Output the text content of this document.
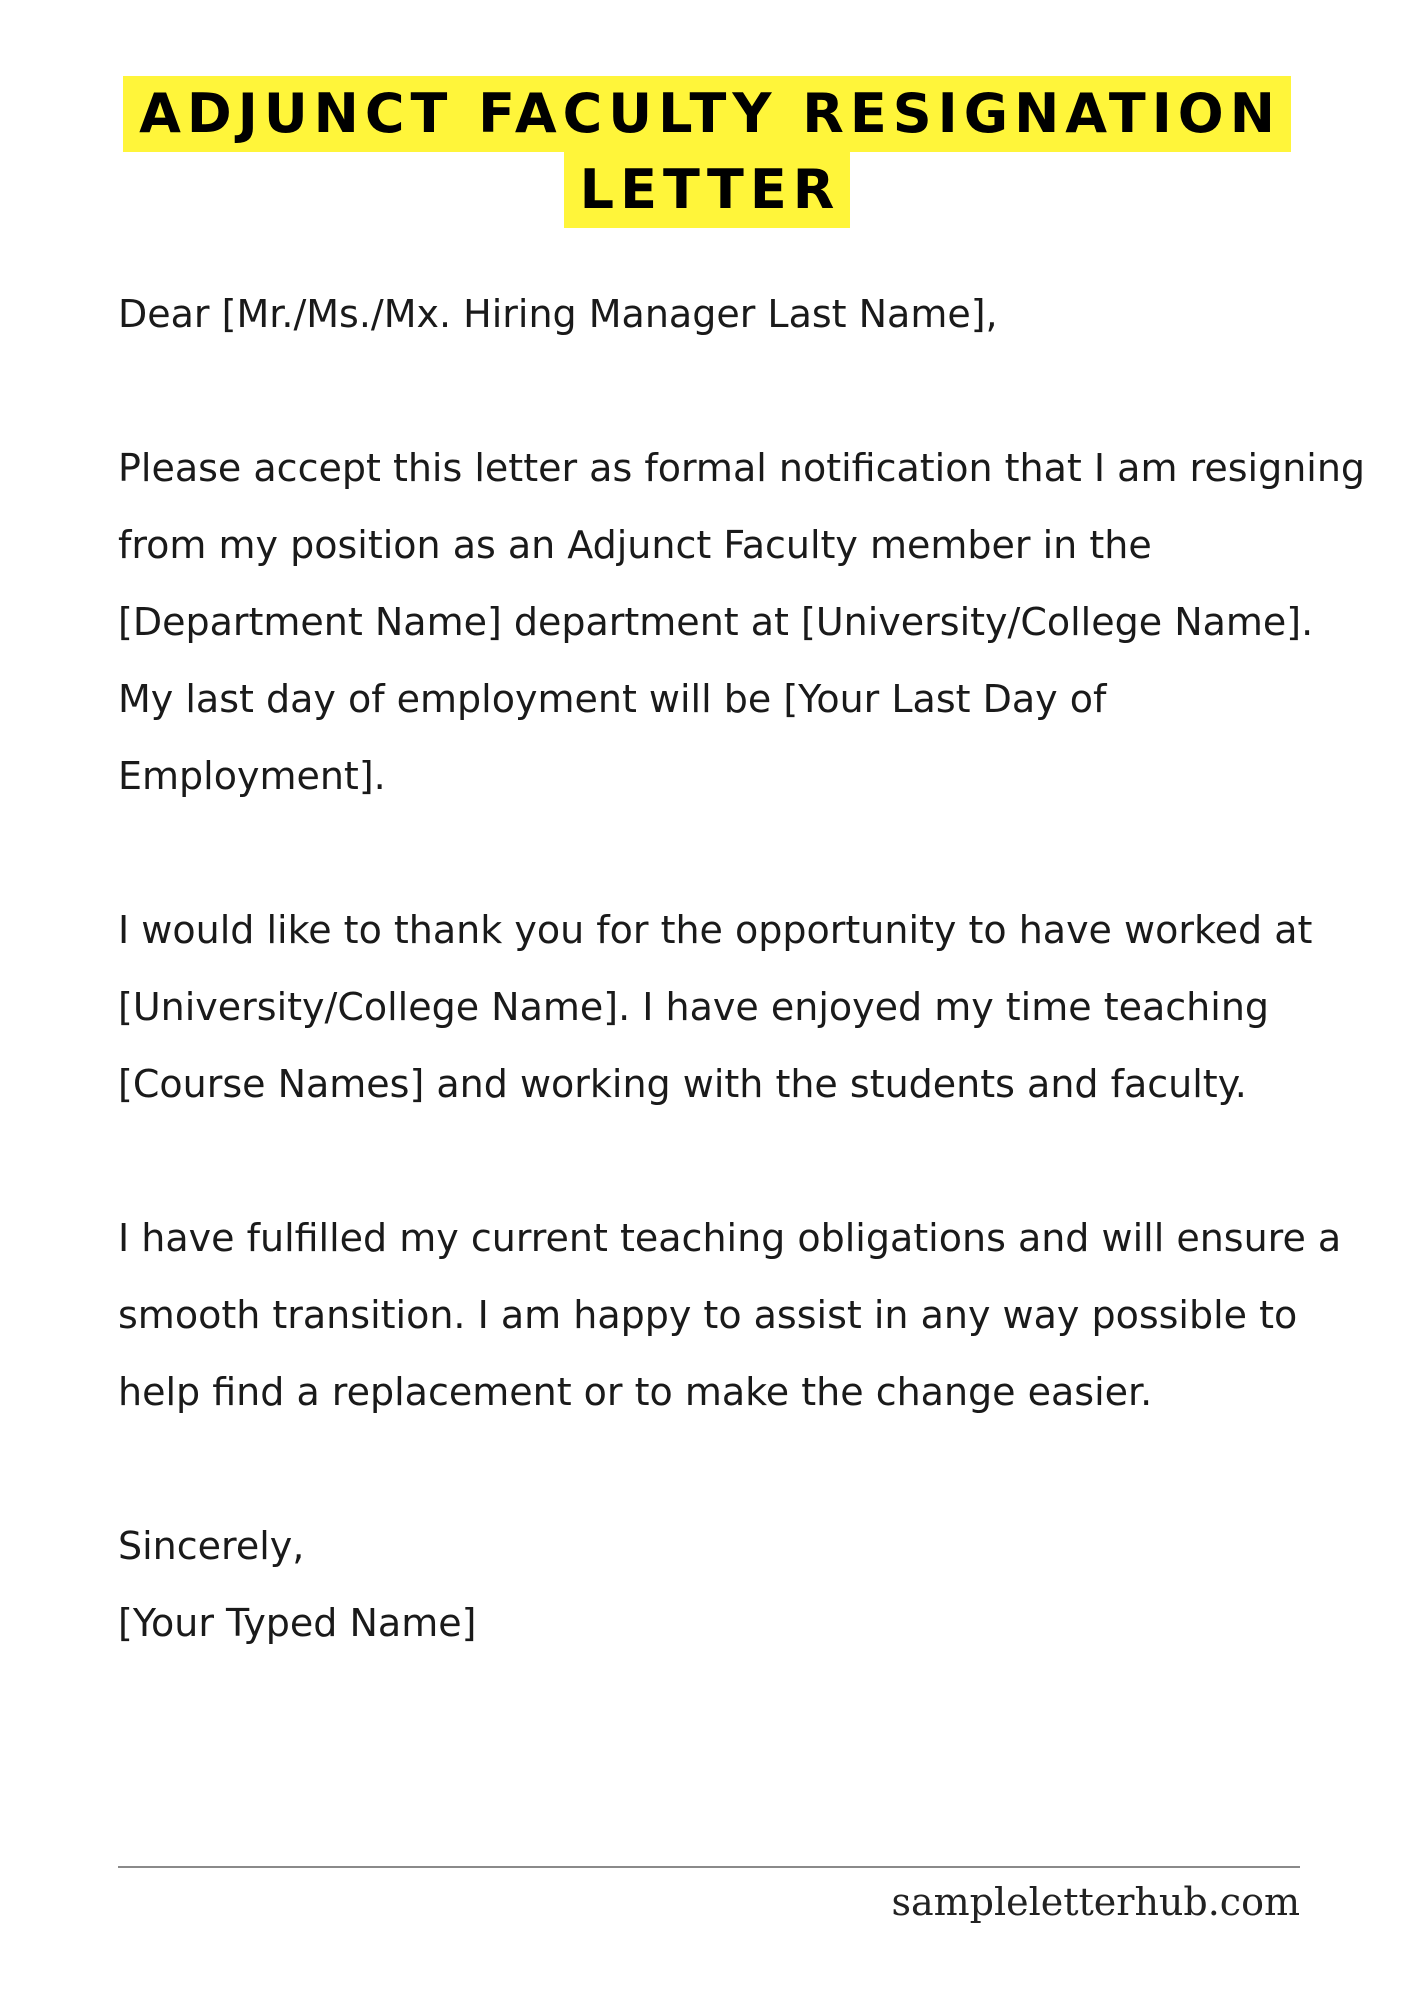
ADJUNCT FACULTY RESIGNATION
LETTER

Dear [Mr./Ms./Mx. Hiring Manager Last Name],

Please accept this letter as formal notification that I am resigning from my position as an Adjunct Faculty member in the [Department Name] department at [University/College Name]. My last day of employment will be [Your Last Day of Employment].

I would like to thank you for the opportunity to have worked at [University/College Name]. I have enjoyed my time teaching [Course Names] and working with the students and faculty.

I have fulfilled my current teaching obligations and will ensure a smooth transition. I am happy to assist in any way possible to help find a replacement or to make the change easier.

Sincerely,
[Your Typed Name]
sampleletterhub.com
